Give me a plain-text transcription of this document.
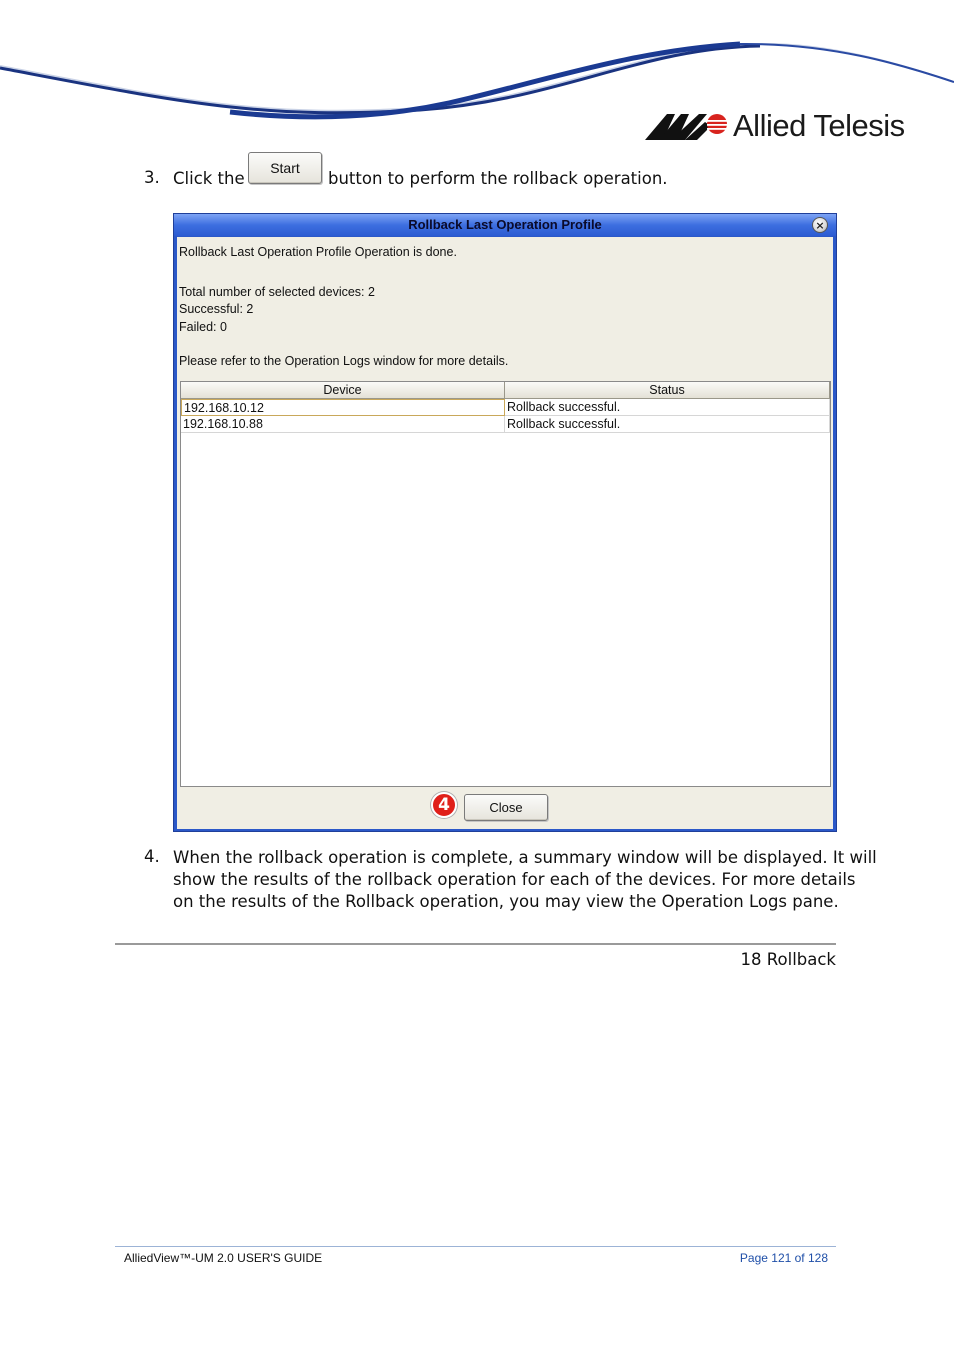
Allied Telesis
3. Click the
Start
button to perform the rollback operation.
Rollback Last Operation Profile	×
Rollback Last Operation Profile Operation is done.
Total number of selected devices: 2
Successful: 2
Failed: 0
Please refer to the Operation Logs window for more details.
Device	Status
192.168.10.12	Rollback successful.
192.168.10.88	Rollback successful.
4	Close
4. When the rollback operation is complete, a summary window will be displayed. It will
show the results of the rollback operation for each of the devices. For more details
on the results of the Rollback operation, you may view the Operation Logs pane.
18 Rollback
AlliedView™-UM 2.0 USER'S GUIDE	Page 121 of 128
